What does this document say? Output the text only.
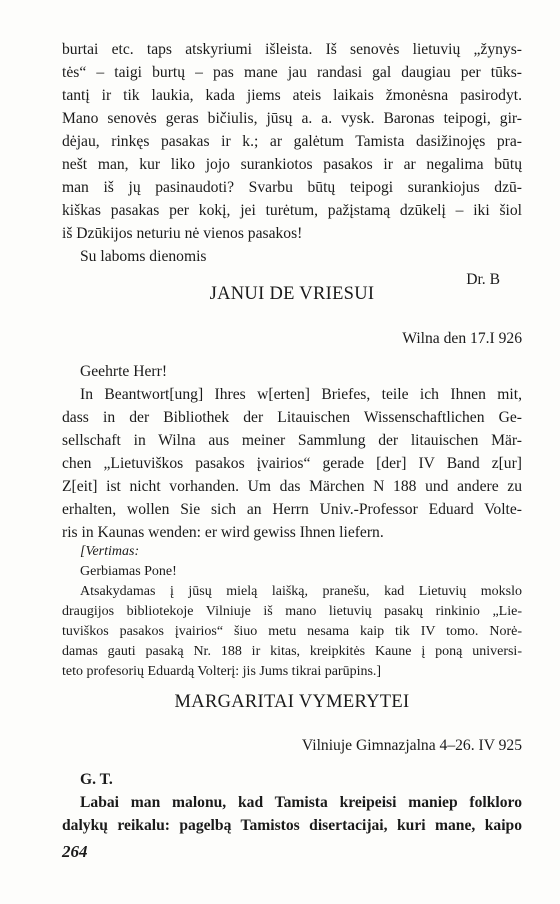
burtai etc. taps atskyriumi išleista. Iš senovės lietuvių „žynys-
tės“ – taigi burtų – pas mane jau randasi gal daugiau per tūks-
tantį ir tik laukia, kada jiems ateis laikais žmonėsna pasirodyt.
Mano senovės geras bičiulis, jūsų a. a. vysk. Baronas teipogi, gir-
dėjau, rinkęs pasakas ir k.; ar galėtum Tamista dasižinojęs pra-
nešt man, kur liko jojo surankiotos pasakos ir ar negalima būtų
man iš jų pasinaudoti? Svarbu būtų teipogi surankiojus dzū-
kiškas pasakas per kokį, jei turėtum, pažįstamą dzūkelį – iki šiol
iš Dzūkijos neturiu nė vienos pasakos!
Su laboms dienomis
Dr. B
JANUI DE VRIESUI
Wilna den 17.I 926
Geehrte Herr!
In Beantwort[ung] Ihres w[erten] Briefes, teile ich Ihnen mit,
dass in der Bibliothek der Litauischen Wissenschaftlichen Ge-
sellschaft in Wilna aus meiner Sammlung der litauischen Mär-
chen „Lietuviškos pasakos įvairios“ gerade [der] IV Band z[ur]
Z[eit] ist nicht vorhanden. Um das Märchen N 188 und andere zu
erhalten, wollen Sie sich an Herrn Univ.-Professor Eduard Volte-
ris in Kaunas wenden: er wird gewiss Ihnen liefern.
[Vertimas:
Gerbiamas Pone!
Atsakydamas į jūsų mielą laišką, pranešu, kad Lietuvių mokslo
draugijos bibliotekoje Vilniuje iš mano lietuvių pasakų rinkinio „Lie-
tuviškos pasakos įvairios“ šiuo metu nesama kaip tik IV tomo. Norė-
damas gauti pasaką Nr. 188 ir kitas, kreipkitės Kaune į poną universi-
teto profesorių Eduardą Volterį: jis Jums tikrai parūpins.]
MARGARITAI VYMERYTEI
Vilniuje Gimnazjalna 4–26. IV 925
G. T.
Labai man malonu, kad Tamista kreipeisi maniep folkloro
dalykų reikalu: pagelbą Tamistos disertacijai, kuri mane, kaipo
264
